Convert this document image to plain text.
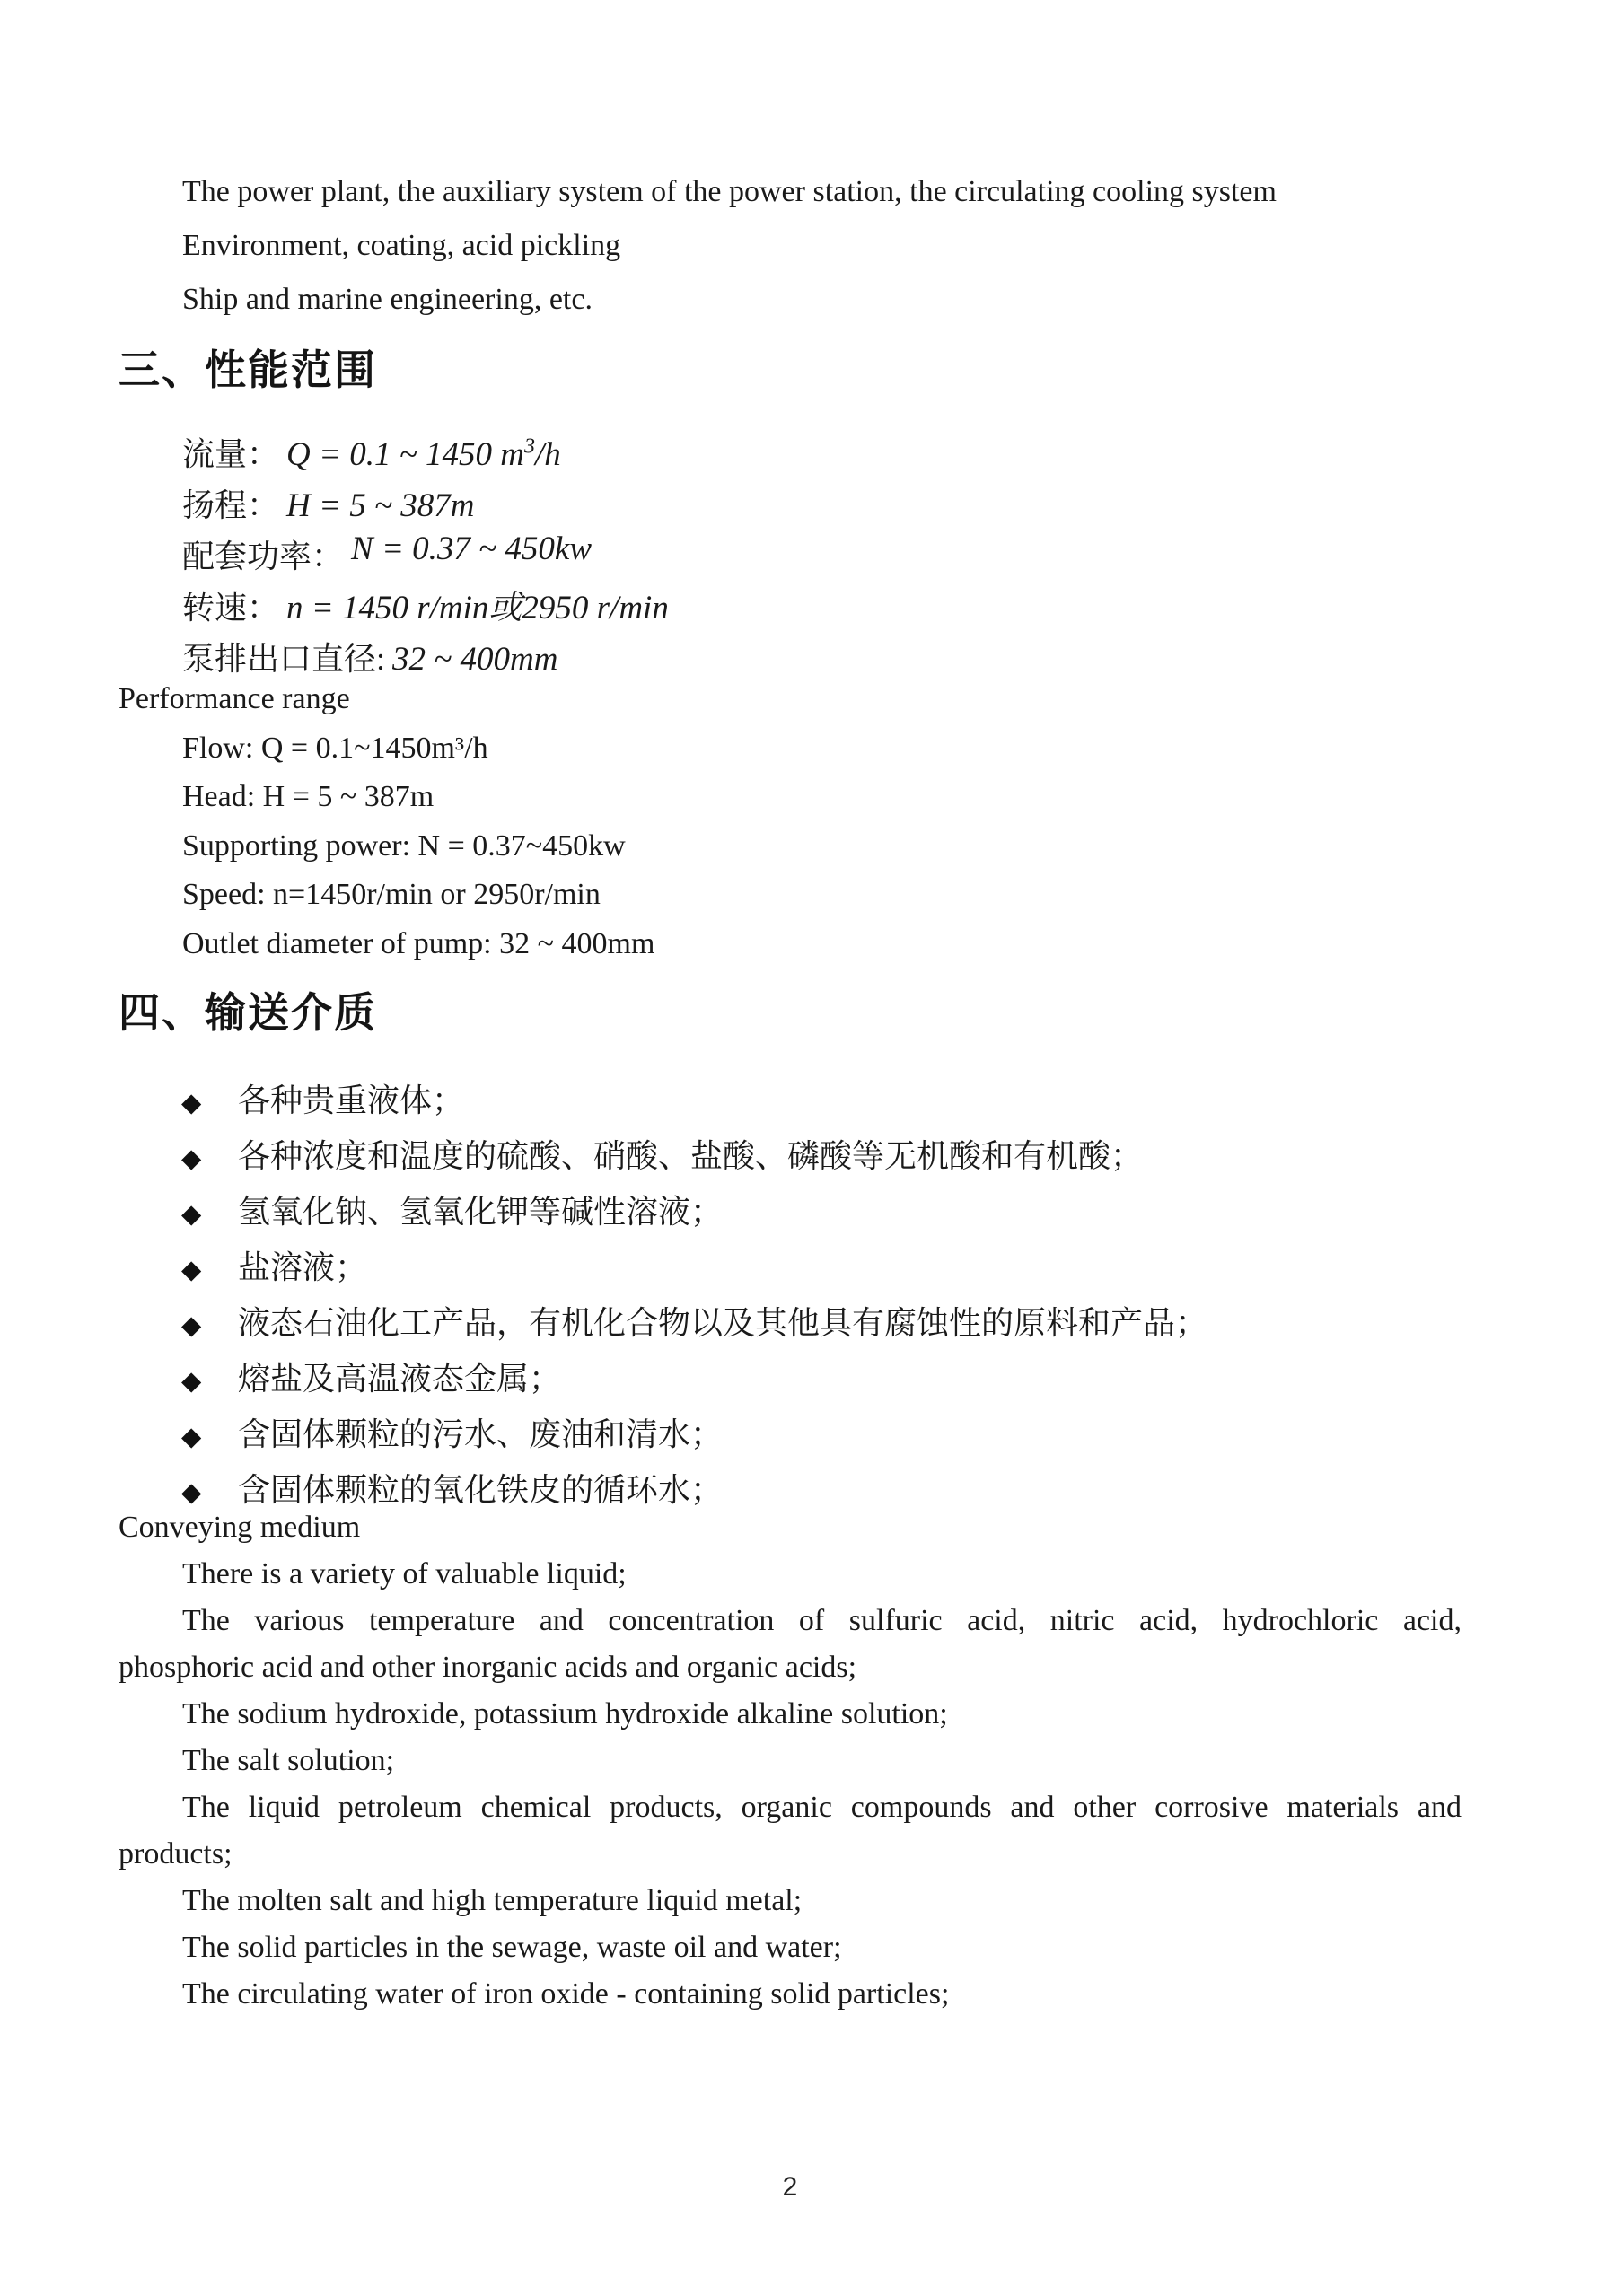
The power plant, the auxiliary system of the power station, the circulating cooling system
Environment, coating, acid pickling
Ship and marine engineering, etc.
三、性能范围
流量： Q = 0.1 ~ 1450 $m^3/h$
扬程： H = 5 ~ 387m
配套功率： N = 0.37 ~ 450kw
转速： n = 1450 r/min或2950 r/min
泵排出口直径: 32 ~ 400mm
Performance range
Flow: Q = 0.1~1450m³/h
Head: H = 5 ~ 387m
Supporting power: N = 0.37~450kw
Speed: n=1450r/min or 2950r/min
Outlet diameter of pump: 32 ~ 400mm
四、输送介质
◆ 各种贵重液体；
◆ 各种浓度和温度的硫酸、硝酸、盐酸、磷酸等无机酸和有机酸；
◆ 氢氧化钠、氢氧化钾等碱性溶液；
◆ 盐溶液；
◆ 液态石油化工产品，有机化合物以及其他具有腐蚀性的原料和产品；
◆ 熔盐及高温液态金属；
◆ 含固体颗粒的污水、废油和清水；
◆ 含固体颗粒的氧化铁皮的循环水；
Conveying medium
There is a variety of valuable liquid;
The various temperature and concentration of sulfuric acid, nitric acid, hydrochloric acid,
phosphoric acid and other inorganic acids and organic acids;
The sodium hydroxide, potassium hydroxide alkaline solution;
The salt solution;
The liquid petroleum chemical products, organic compounds and other corrosive materials and
products;
The molten salt and high temperature liquid metal;
The solid particles in the sewage, waste oil and water;
The circulating water of iron oxide - containing solid particles;
2
